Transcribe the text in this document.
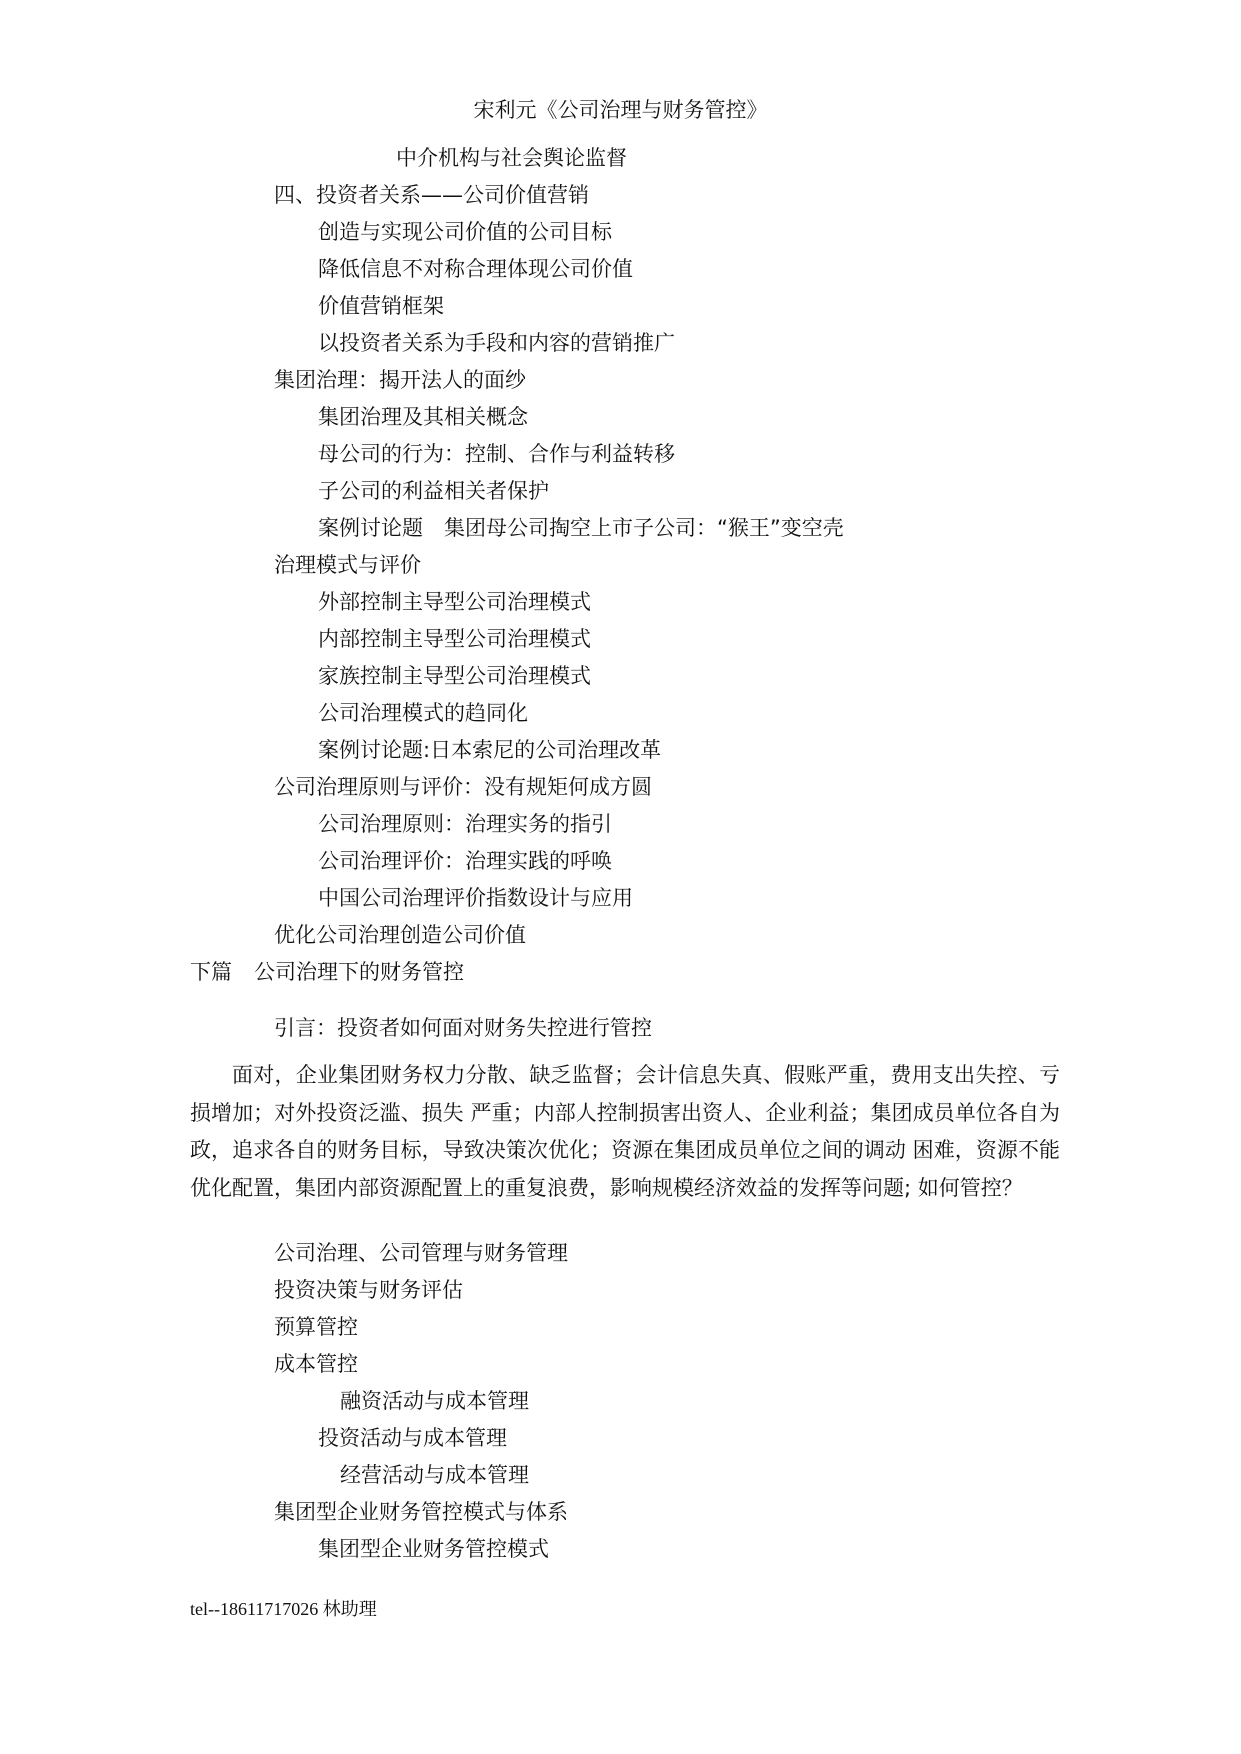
宋利元《公司治理与财务管控》
中介机构与社会舆论监督
四、投资者关系——公司价值营销
创造与实现公司价值的公司目标
降低信息不对称合理体现公司价值
价值营销框架
以投资者关系为手段和内容的营销推广
集团治理：揭开法人的面纱
集团治理及其相关概念
母公司的行为：控制、合作与利益转移
子公司的利益相关者保护
案例讨论题　集团母公司掏空上市子公司：“猴王”变空壳
治理模式与评价
外部控制主导型公司治理模式
内部控制主导型公司治理模式
家族控制主导型公司治理模式
公司治理模式的趋同化
案例讨论题:日本索尼的公司治理改革
公司治理原则与评价：没有规矩何成方圆
公司治理原则：治理实务的指引
公司治理评价：治理实践的呼唤
中国公司治理评价指数设计与应用
优化公司治理创造公司价值
下篇 公司治理下的财务管控
引言：投资者如何面对财务失控进行管控
面对，企业集团财务权力分散、缺乏监督；会计信息失真、假账严重，费用支出失控、亏损增加；对外投资泛滥、损失 严重；内部人控制损害出资人、企业利益；集团成员单位各自为政，追求各自的财务目标，导致决策次优化；资源在集团成员单位之间的调动 困难，资源不能优化配置，集团内部资源配置上的重复浪费，影响规模经济效益的发挥等问题; 如何管控？
公司治理、公司管理与财务管理
投资决策与财务评估
预算管控
成本管控
融资活动与成本管理
投资活动与成本管理
经营活动与成本管理
集团型企业财务管控模式与体系
集团型企业财务管控模式
tel--18611717026 林助理
